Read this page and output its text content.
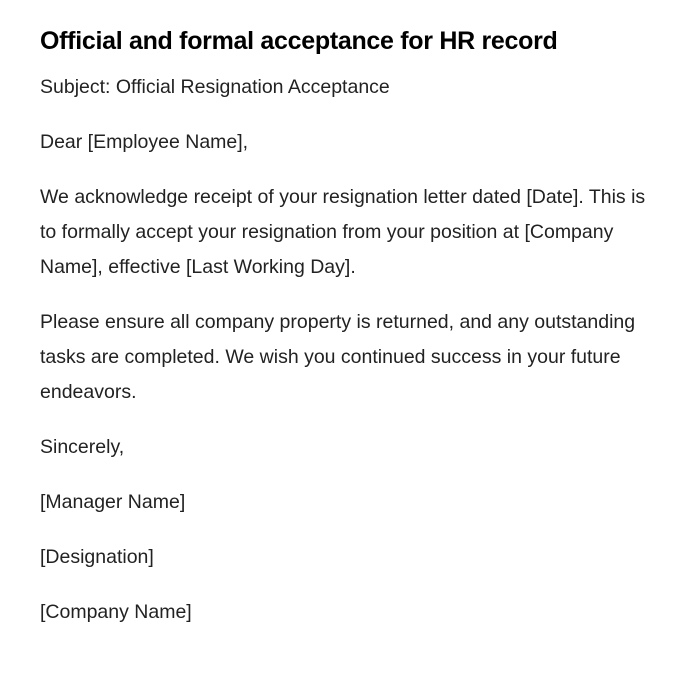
Official and formal acceptance for HR record

Subject: Official Resignation Acceptance

Dear [Employee Name],

We acknowledge receipt of your resignation letter dated [Date]. This is to formally accept your resignation from your position at [Company Name], effective [Last Working Day].

Please ensure all company property is returned, and any outstanding tasks are completed. We wish you continued success in your future endeavors.

Sincerely,

[Manager Name]

[Designation]

[Company Name]
